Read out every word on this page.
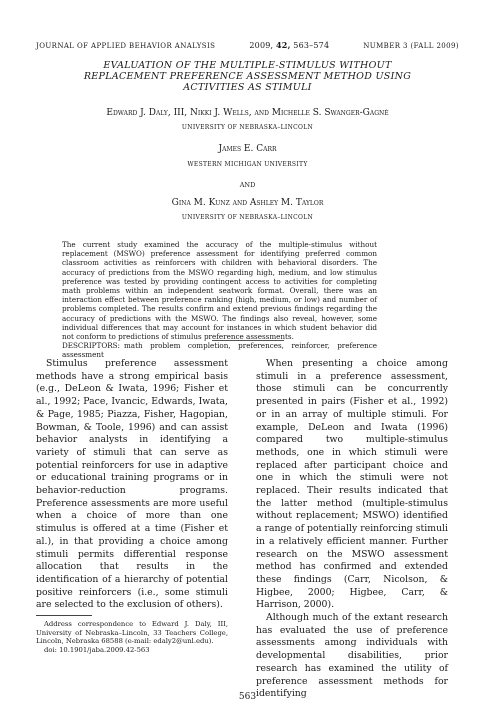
JOURNAL OF APPLIED BEHAVIOR ANALYSIS	2009, 42, 563–574	NUMBER 3 (FALL 2009)
EVALUATION OF THE MULTIPLE-STIMULUS WITHOUT REPLACEMENT PREFERENCE ASSESSMENT METHOD USING ACTIVITIES AS STIMULI
Edward J. Daly, III, Nikki J. Wells, and Michelle S. Swanger-Gagné
UNIVERSITY OF NEBRASKA–LINCOLN
James E. Carr
WESTERN MICHIGAN UNIVERSITY
AND
Gina M. Kunz and Ashley M. Taylor
UNIVERSITY OF NEBRASKA–LINCOLN

The current study examined the accuracy of the multiple-stimulus without replacement (MSWO) preference assessment for identifying preferred common classroom activities as reinforcers with children with behavioral disorders. The accuracy of predictions from the MSWO regarding high, medium, and low stimulus preference was tested by providing contingent access to activities for completing math problems within an independent seatwork format. Overall, there was an interaction effect between preference ranking (high, medium, or low) and number of problems completed. The results confirm and extend previous findings regarding the accuracy of predictions with the MSWO. The findings also reveal, however, some individual differences that may account for instances in which student behavior did not conform to predictions of stimulus preference assessments.

DESCRIPTORS: math problem completion, preferences, reinforcer, preference assessment

Stimulus preference assessment methods have a strong empirical basis (e.g., DeLeon & Iwata, 1996; Fisher et al., 1992; Pace, Ivancic, Edwards, Iwata, & Page, 1985; Piazza, Fisher, Hagopian, Bowman, & Toole, 1996) and can assist behavior analysts in identifying a variety of stimuli that can serve as potential reinforcers for use in adaptive or educational training programs or in behavior-reduction programs. Preference assessments are more useful when a choice of more than one stimulus is offered at a time (Fisher et al.), in that providing a choice among stimuli permits differential response allocation that results in the identification of a hierarchy of potential positive reinforcers (i.e., some stimuli are selected to the exclusion of others).

When presenting a choice among stimuli in a preference assessment, those stimuli can be concurrently presented in pairs (Fisher et al., 1992) or in an array of multiple stimuli. For example, DeLeon and Iwata (1996) compared two multiple-stimulus methods, one in which stimuli were replaced after participant choice and one in which the stimuli were not replaced. Their results indicated that the latter method (multiple-stimulus without replacement; MSWO) identified a range of potentially reinforcing stimuli in a relatively efficient manner. Further research on the MSWO assessment method has confirmed and extended these findings (Carr, Nicolson, & Higbee, 2000; Higbee, Carr, & Harrison, 2000).

Although much of the extant research has evaluated the use of preference assessments among individuals with developmental disabilities, prior research has examined the utility of preference assessment methods for identifying

Address correspondence to Edward J. Daly, III, University of Nebraska–Lincoln, 33 Teachers College, Lincoln, Nebraska 68588 (e-mail: edaly2@unl.edu).

doi: 10.1901/jaba.2009.42-563

563
